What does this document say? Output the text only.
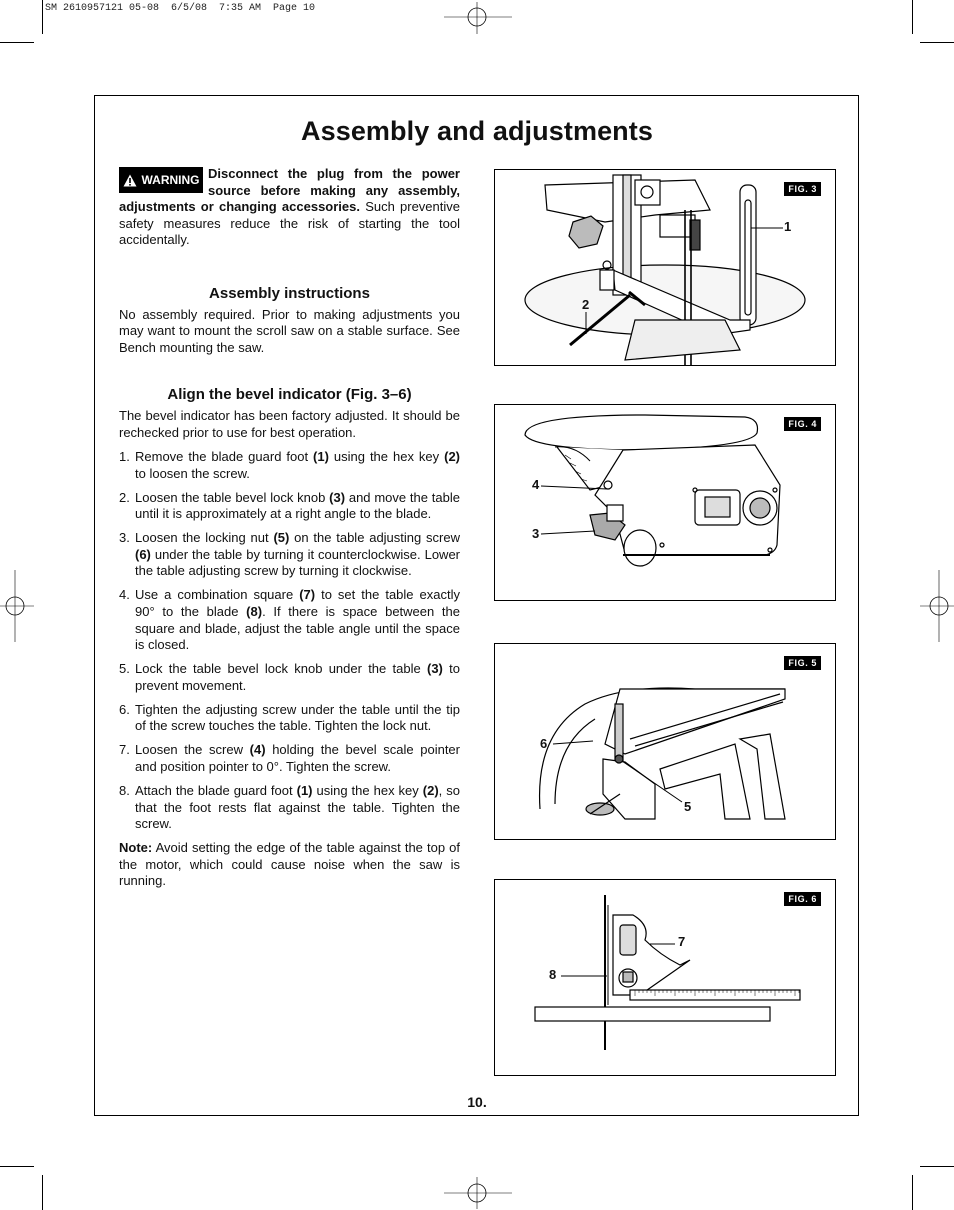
SM 2610957121 05-08  6/5/08  7:35 AM  Page 10
Assembly and adjustments
WARNING Disconnect the plug from the power source before making any assembly, adjustments or changing accessories. Such preventive safety measures reduce the risk of starting the tool accidentally.
Assembly instructions

No assembly required. Prior to making adjustments you may want to mount the scroll saw on a stable surface. See Bench mounting the saw.

Align the bevel indicator (Fig. 3–6)

The bevel indicator has been factory adjusted. It should be rechecked prior to use for best operation.

1. Remove the blade guard foot (1) using the hex key (2) to loosen the screw.
2. Loosen the table bevel lock knob (3) and move the table until it is approximately at a right angle to the blade.
3. Loosen the locking nut (5) on the table adjusting screw (6) under the table by turning it counterclockwise. Lower the table adjusting screw by turning it clockwise.
4. Use a combination square (7) to set the table exactly 90° to the blade (8). If there is space between the square and blade, adjust the table angle until the space is closed.
5. Lock the table bevel lock knob under the table (3) to prevent movement.
6. Tighten the adjusting screw under the table until the tip of the screw touches the table. Tighten the lock nut.
7. Loosen the screw (4) holding the bevel scale pointer and position pointer to 0°. Tighten the screw.
8. Attach the blade guard foot (1) using the hex key (2), so that the foot rests flat against the table. Tighten the screw.

Note: Avoid setting the edge of the table against the top of the motor, which could cause noise when the saw is running.

FIG. 3
1
2
FIG. 4
4
3
FIG. 5
6
5
FIG. 6
7
8
10.
